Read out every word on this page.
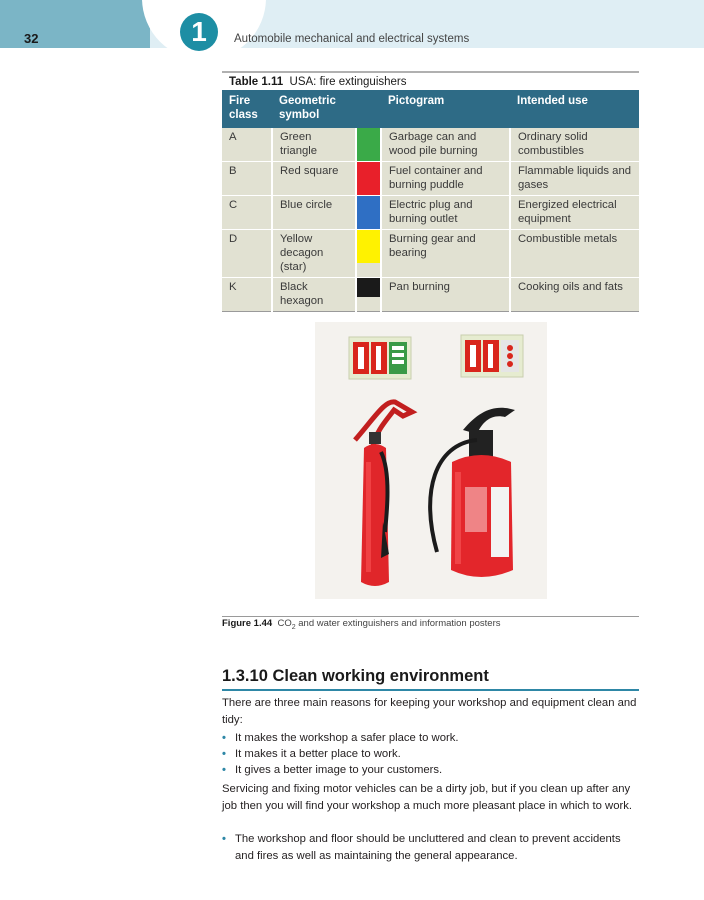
32	1	Automobile mechanical and electrical systems
Table 1.11 USA: fire extinguishers
Fire class	Geometric symbol		Pictogram	Intended use
A	Green triangle		Garbage can and wood pile burning	Ordinary solid combustibles
B	Red square		Fuel container and burning puddle	Flammable liquids and gases
C	Blue circle		Electric plug and burning outlet	Energized electrical equipment
D	Yellow decagon (star)		Burning gear and bearing	Combustible metals
K	Black hexagon		Pan burning	Cooking oils and fats
Figure 1.44 $CO_2$ and water extinguishers and information posters
1.3.10 Clean working environment
There are three main reasons for keeping your workshop and equipment clean and tidy:
• It makes the workshop a safer place to work.
• It makes it a better place to work.
• It gives a better image to your customers.
Servicing and fixing motor vehicles can be a dirty job, but if you clean up after any job then you will find your workshop a much more pleasant place in which to work.
• The workshop and floor should be uncluttered and clean to prevent accidents and fires as well as maintaining the general appearance.
